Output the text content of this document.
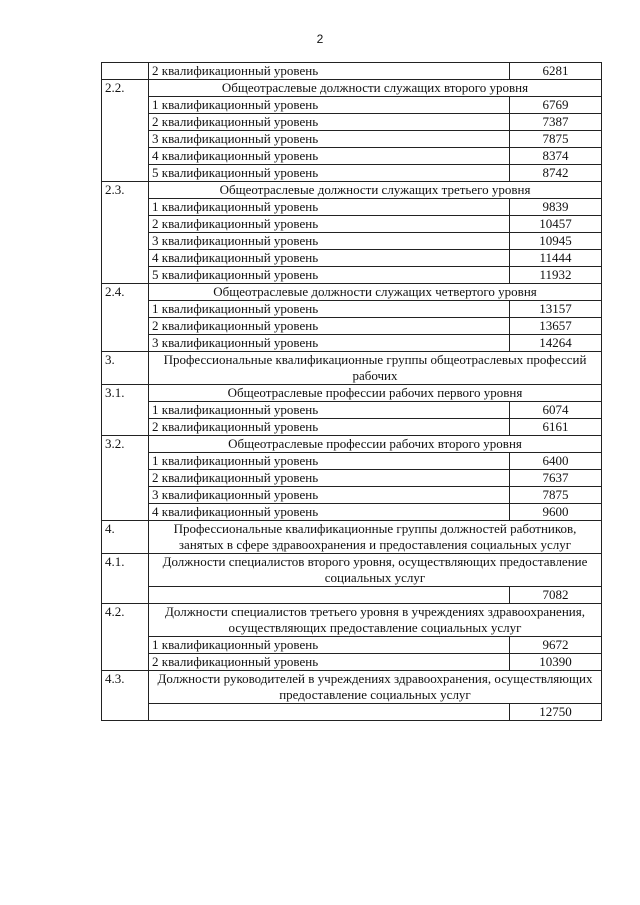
2
	2 квалификационный уровень	6281
2.2.	Общеотраслевые должности служащих второго уровня	
	1 квалификационный уровень	6769
	2 квалификационный уровень	7387
	3 квалификационный уровень	7875
	4 квалификационный уровень	8374
	5 квалификационный уровень	8742
2.3.	Общеотраслевые должности служащих третьего уровня	
	1 квалификационный уровень	9839
	2 квалификационный уровень	10457
	3 квалификационный уровень	10945
	4 квалификационный уровень	11444
	5 квалификационный уровень	11932
2.4.	Общеотраслевые должности служащих четвертого уровня	
	1 квалификационный уровень	13157
	2 квалификационный уровень	13657
	3 квалификационный уровень	14264
3.	Профессиональные квалификационные группы общеотраслевых профессий рабочих	
3.1.	Общеотраслевые профессии рабочих первого уровня	
	1 квалификационный уровень	6074
	2 квалификационный уровень	6161
3.2.	Общеотраслевые профессии рабочих второго уровня	
	1 квалификационный уровень	6400
	2 квалификационный уровень	7637
	3 квалификационный уровень	7875
	4 квалификационный уровень	9600
4.	Профессиональные квалификационные группы должностей работников, занятых в сфере здравоохранения и предоставления социальных услуг	
4.1.	Должности специалистов второго уровня, осуществляющих предоставление социальных услуг	
		7082
4.2.	Должности специалистов третьего уровня в учреждениях здравоохранения, осуществляющих предоставление социальных услуг	
	1 квалификационный уровень	9672
	2 квалификационный уровень	10390
4.3.	Должности руководителей в учреждениях здравоохранения, осуществляющих предоставление социальных услуг	
		12750
